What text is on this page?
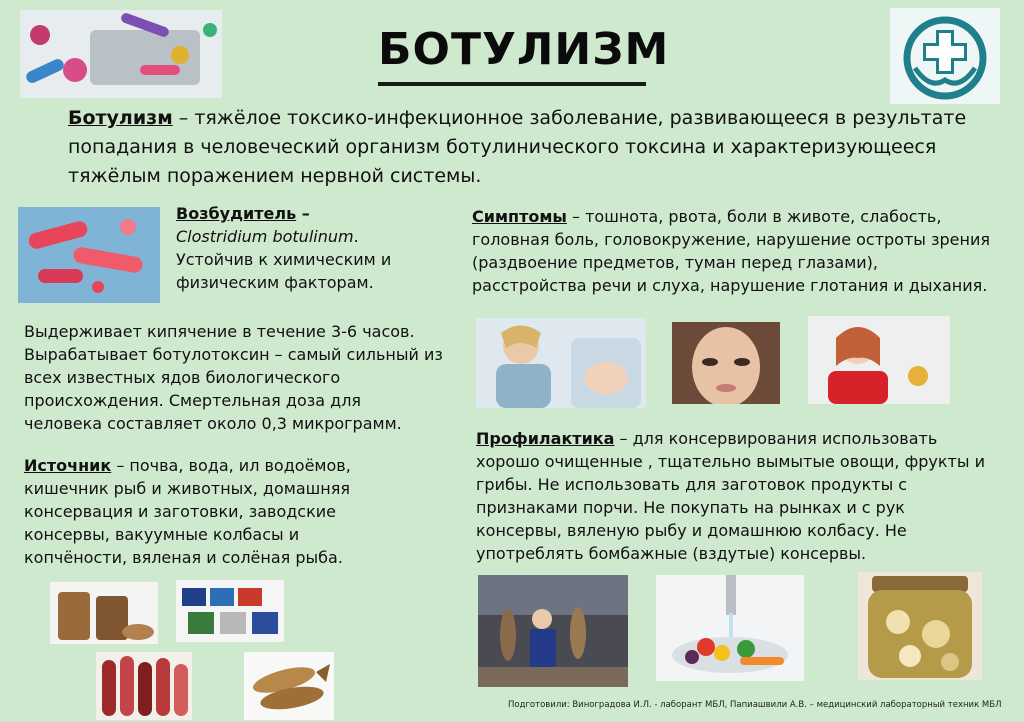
БОТУЛИЗМ
Ботулизм – тяжёлое токсико-инфекционное заболевание, развивающееся в результате попадания в человеческий организм ботулинического токсина и характеризующееся тяжёлым поражением нервной системы.
Возбудитель –
Clostridium botulinum. Устойчив к химическим и физическим факторам.
Выдерживает кипячение в течение 3-6 часов. Вырабатывает ботулотоксин – самый сильный из всех известных ядов биологического происхождения. Смертельная доза для человека составляет около 0,3 микрограмм.
Источник – почва, вода, ил водоёмов, кишечник рыб и животных, домашняя консервация и заготовки, заводские консервы, вакуумные колбасы и копчёности, вяленая и солёная рыба.
Симптомы – тошнота, рвота, боли в животе, слабость, головная боль, головокружение, нарушение остроты зрения (раздвоение предметов, туман перед глазами), расстройства речи и слуха, нарушение глотания и дыхания.
Профилактика – для консервирования использовать хорошо очищенные , тщательно вымытые овощи, фрукты и грибы. Не использовать для заготовок продукты с признаками порчи. Не покупать на рынках и с рук консервы, вяленую рыбу и домашнюю колбасу. Не употреблять бомбажные (вздутые) консервы.
Подготовили: Виноградова И.Л. - лаборант МБЛ, Папиашвили А.В. – медицинский лабораторный техник МБЛ
